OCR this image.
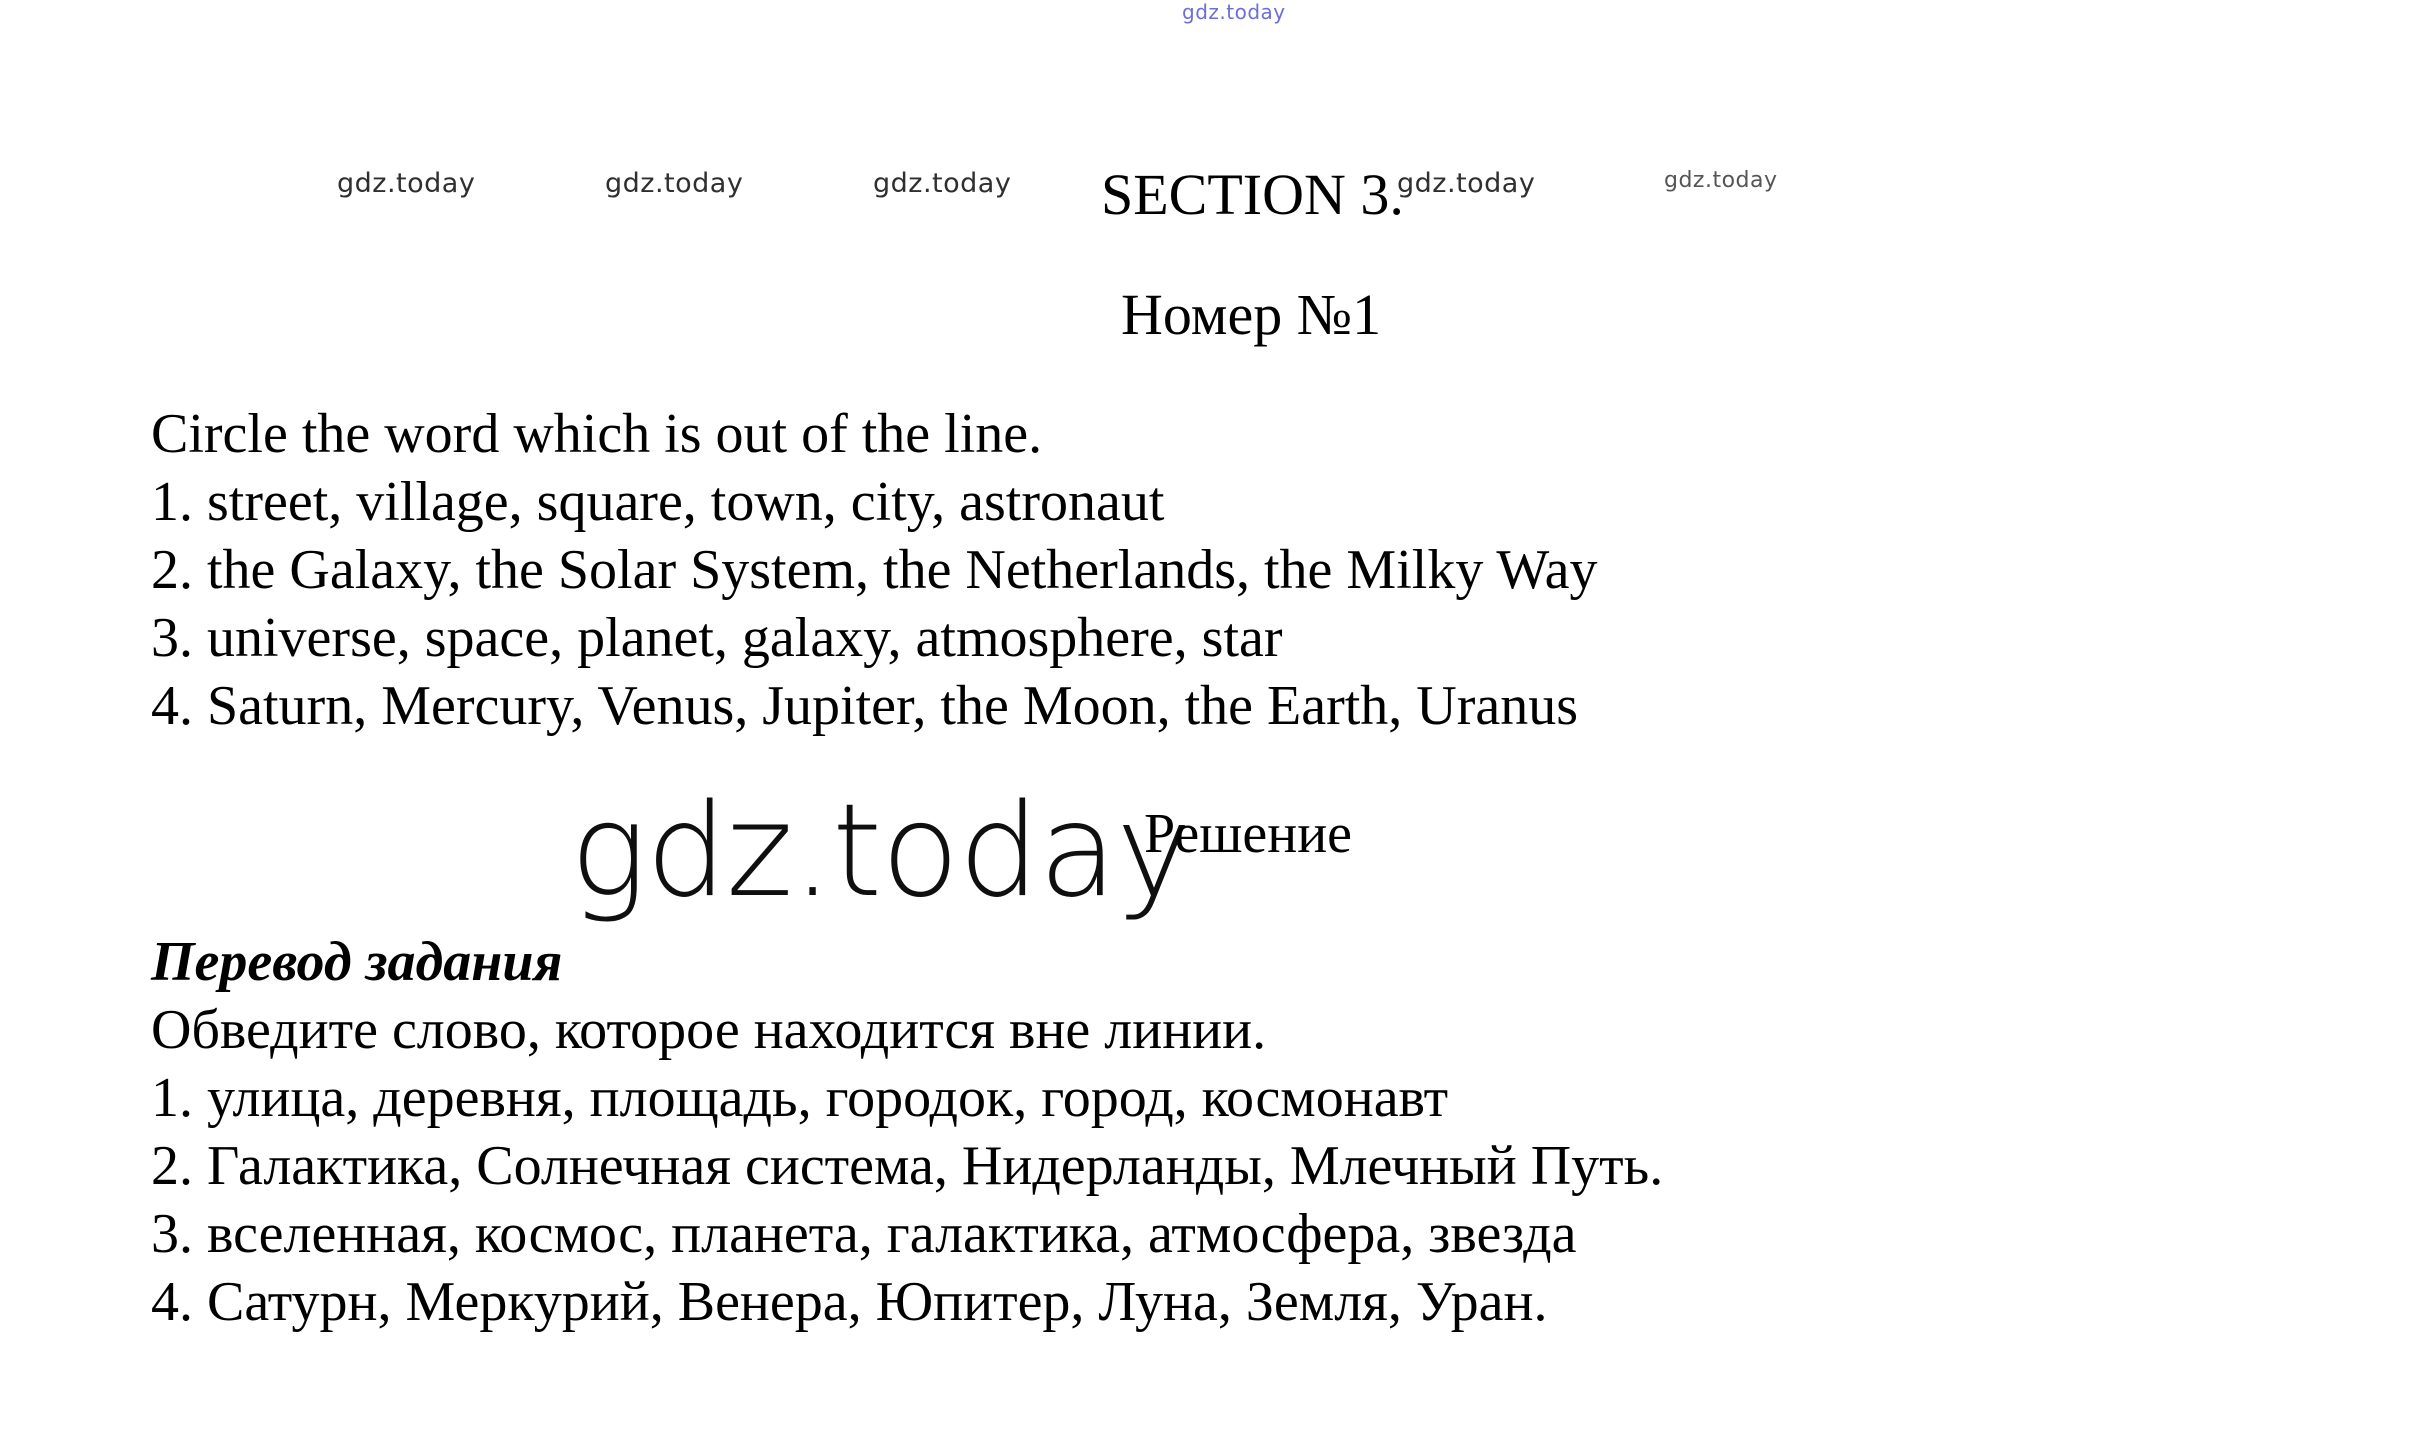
gdz.today
gdz.today	gdz.today	gdz.today	gdz.today	gdz.today
SECTION 3.
Номер №1
Circle the word which is out of the line.
1. street, village, square, town, city, astronaut
2. the Galaxy, the Solar System, the Netherlands, the Milky Way
3. universe, space, planet, galaxy, atmosphere, star
4. Saturn, Mercury, Venus, Jupiter, the Moon, the Earth, Uranus
gdz.today
Решение
Перевод задания
Обведите слово, которое находится вне линии.
1. улица, деревня, площадь, городок, город, космонавт
2. Галактика, Солнечная система, Нидерланды, Млечный Путь.
3. вселенная, космос, планета, галактика, атмосфера, звезда
4. Сатурн, Меркурий, Венера, Юпитер, Луна, Земля, Уран.
